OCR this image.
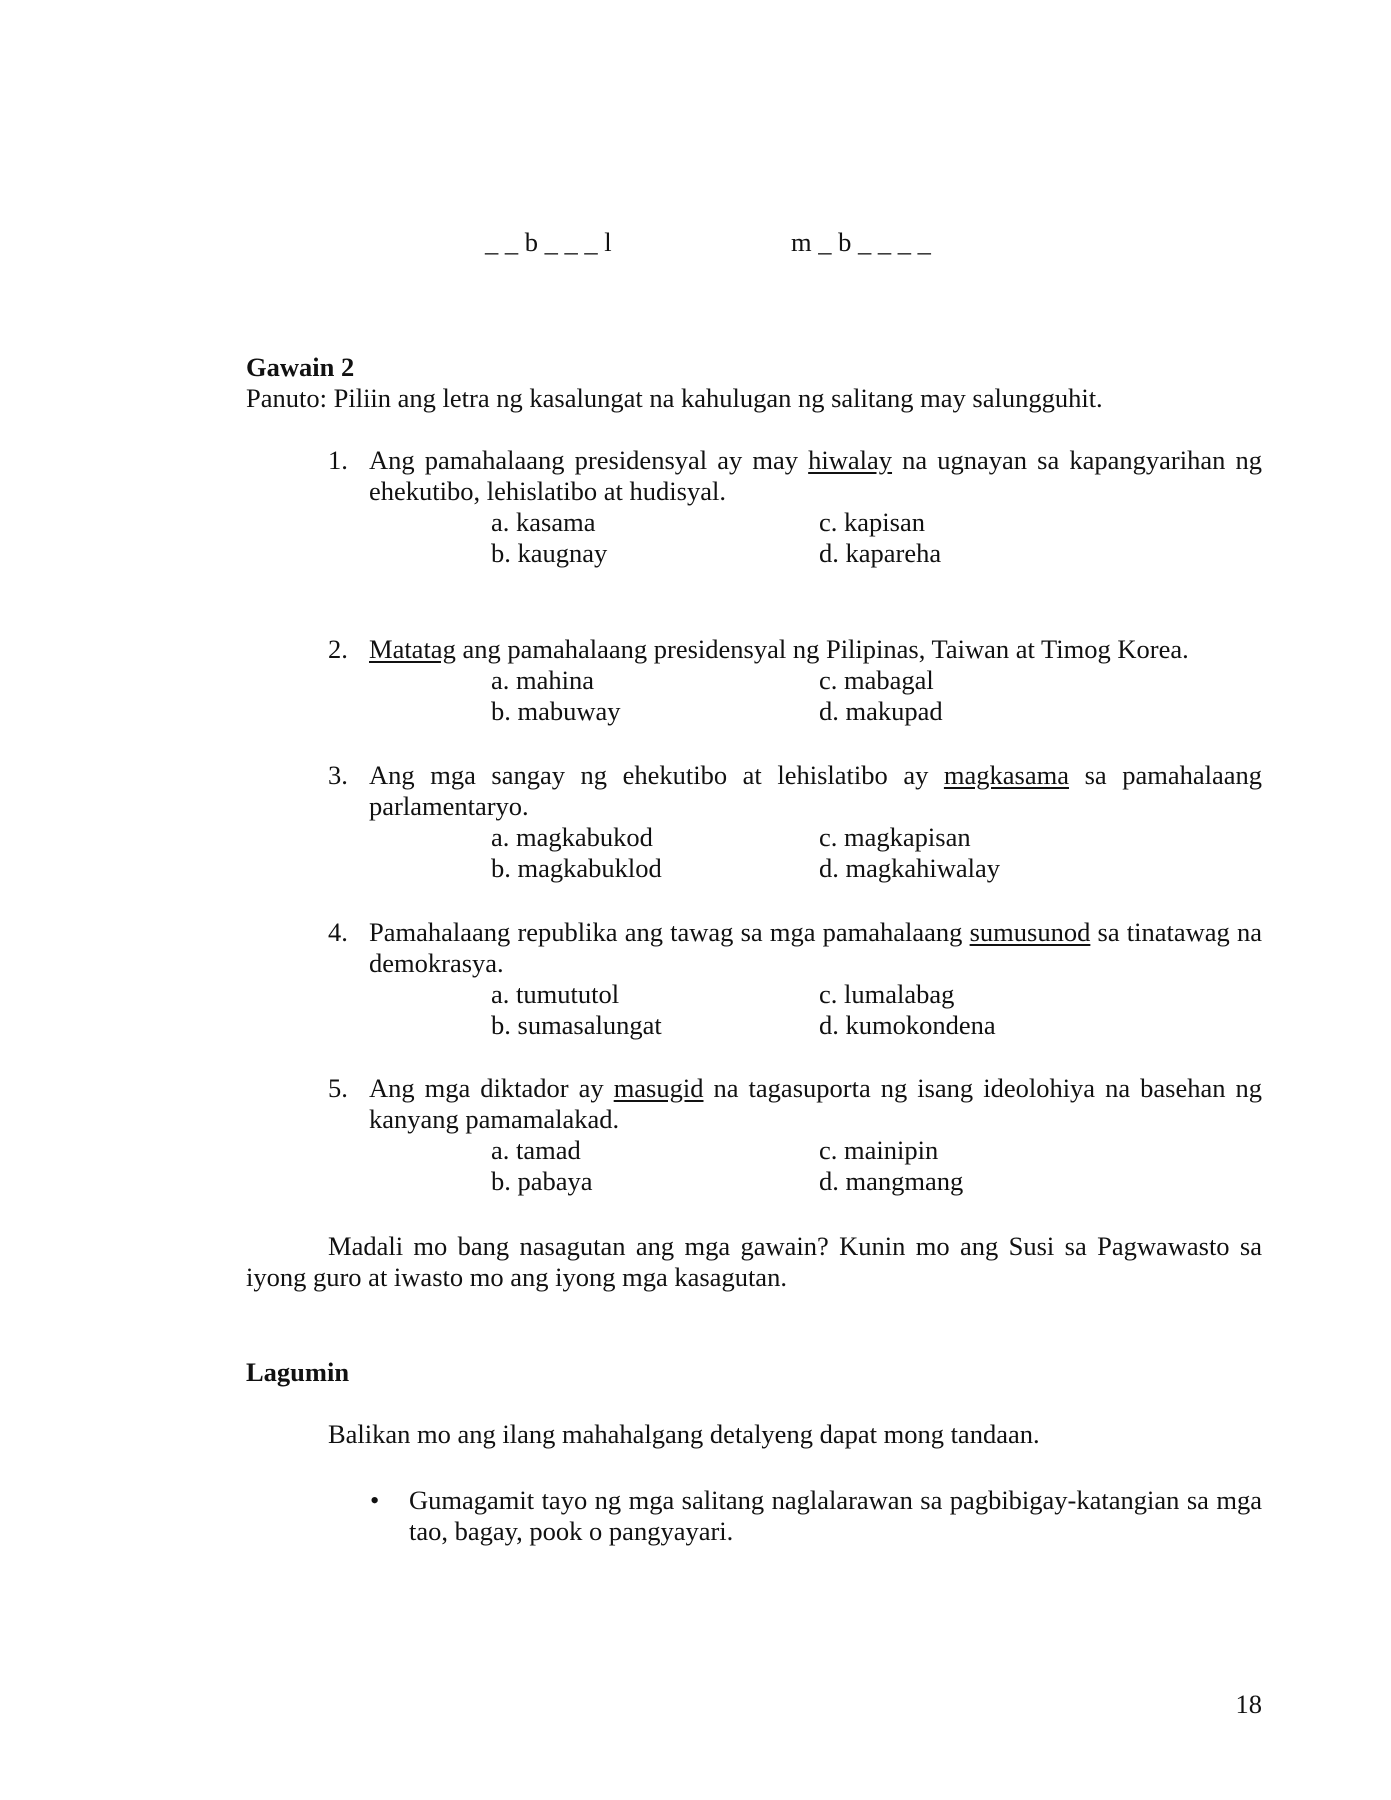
_ _ b _ _ _ l	m _ b _ _ _ _
Gawain 2
Panuto: Piliin ang letra ng kasalungat na kahulugan ng salitang may salungguhit.
1. Ang pamahalaang presidensyal ay may hiwalay na ugnayan sa kapangyarihan ng ehekutibo, lehislatibo at hudisyal.
a. kasama	c. kapisan
b. kaugnay	d. kapareha
2. Matatag ang pamahalaang presidensyal ng Pilipinas, Taiwan at Timog Korea.
a. mahina	c. mabagal
b. mabuway	d. makupad
3. Ang mga sangay ng ehekutibo at lehislatibo ay magkasama sa pamahalaang parlamentaryo.
a. magkabukod	c. magkapisan
b. magkabuklod	d. magkahiwalay
4. Pamahalaang republika ang tawag sa mga pamahalaang sumusunod sa tinatawag na demokrasya.
a. tumututol	c. lumalabag
b. sumasalungat	d. kumokondena
5. Ang mga diktador ay masugid na tagasuporta ng isang ideolohiya na basehan ng kanyang pamamalakad.
a. tamad	c. mainipin
b. pabaya	d. mangmang
Madali mo bang nasagutan ang mga gawain? Kunin mo ang Susi sa Pagwawasto sa iyong guro at iwasto mo ang iyong mga kasagutan.
Lagumin
Balikan mo ang ilang mahahalgang detalyeng dapat mong tandaan.
• Gumagamit tayo ng mga salitang naglalarawan sa pagbibigay-katangian sa mga tao, bagay, pook o pangyayari.
18
